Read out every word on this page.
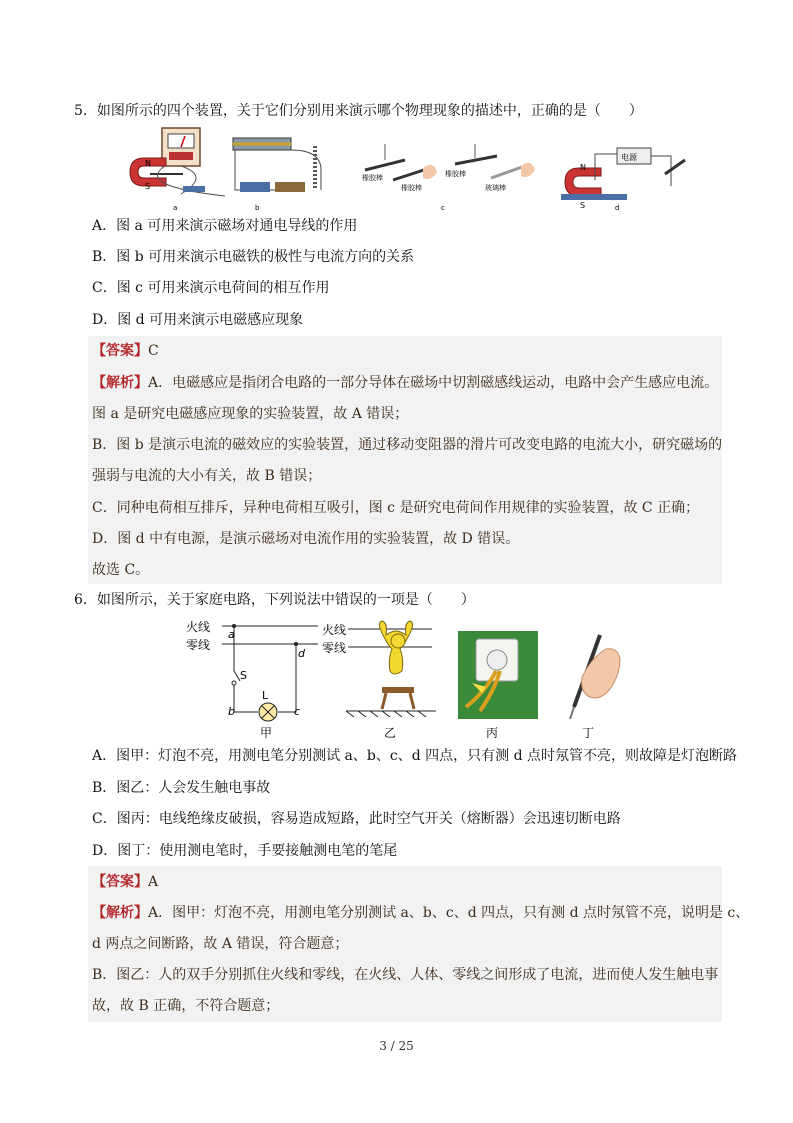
5．如图所示的四个装置，关于它们分别用来演示哪个物理现象的描述中，正确的是（　　）
N
S
a	b
橡胶棒
橡胶棒
橡胶棒
玻璃棒
c
电源
N
S	d
A．图 a 可用来演示磁场对通电导线的作用
B．图 b 可用来演示电磁铁的极性与电流方向的关系
C．图 c 可用来演示电荷间的相互作用
D．图 d 可用来演示电磁感应现象
【答案】C
【解析】A．电磁感应是指闭合电路的一部分导体在磁场中切割磁感线运动，电路中会产生感应电流。
图 a 是研究电磁感应现象的实验装置，故 A 错误；
B．图 b 是演示电流的磁效应的实验装置，通过移动变阻器的滑片可改变电路的电流大小，研究磁场的
强弱与电流的大小有关，故 B 错误；
C．同种电荷相互排斥，异种电荷相互吸引，图 c 是研究电荷间作用规律的实验装置，故 C 正确；
D．图 d 中有电源，是演示磁场对电流作用的实验装置，故 D 错误。
故选 C。
6．如图所示，关于家庭电路，下列说法中错误的一项是（　　）
火线
零线
a
d
S
L
b	c
甲
火线
零线
乙	丙	丁
A．图甲：灯泡不亮，用测电笔分别测试 a、b、c、d 四点，只有测 d 点时氖管不亮，则故障是灯泡断路
B．图乙：人会发生触电事故
C．图丙：电线绝缘皮破损，容易造成短路，此时空气开关（熔断器）会迅速切断电路
D．图丁：使用测电笔时，手要接触测电笔的笔尾
【答案】A
【解析】A．图甲：灯泡不亮，用测电笔分别测试 a、b、c、d 四点，只有测 d 点时氖管不亮，说明是 c、
d 两点之间断路，故 A 错误，符合题意；
B．图乙：人的双手分别抓住火线和零线，在火线、人体、零线之间形成了电流，进而使人发生触电事
故，故 B 正确，不符合题意；
3 / 25
